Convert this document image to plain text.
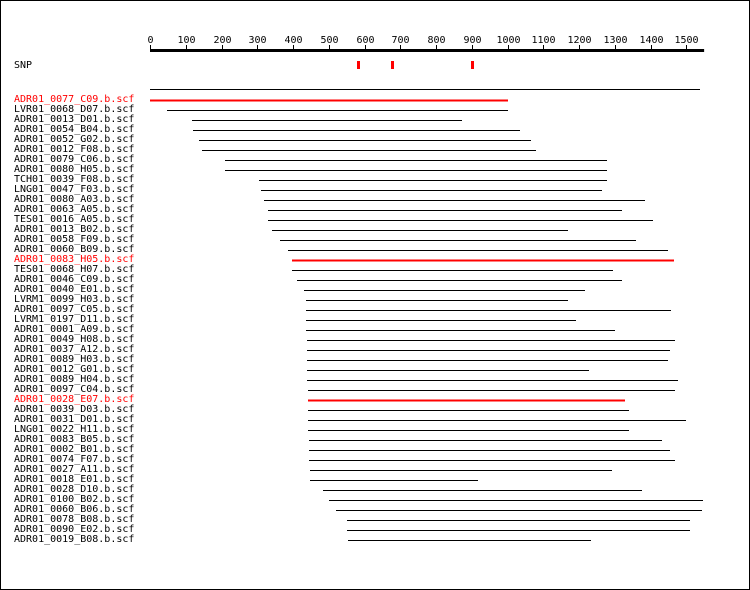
0 100 200 300 400 500 600 700 800 900 1000 1100 1200 1300 1400 1500
SNP
ADR01_0077_C09.b.scf
LVR01_0068_D07.b.scf
ADR01_0013_D01.b.scf
ADR01_0054_B04.b.scf
ADR01_0052_G02.b.scf
ADR01_0012_F08.b.scf
ADR01_0079_C06.b.scf
ADR01_0080_H05.b.scf
TCH01_0039_F08.b.scf
LNG01_0047_F03.b.scf
ADR01_0080_A03.b.scf
ADR01_0063_A05.b.scf
TES01_0016_A05.b.scf
ADR01_0013_B02.b.scf
ADR01_0058_F09.b.scf
ADR01_0060_B09.b.scf
ADR01_0083_H05.b.scf
TES01_0068_H07.b.scf
ADR01_0046_C09.b.scf
ADR01_0040_E01.b.scf
LVRM1_0099_H03.b.scf
ADR01_0097_C05.b.scf
LVRM1_0197_D11.b.scf
ADR01_0001_A09.b.scf
ADR01_0049_H08.b.scf
ADR01_0037_A12.b.scf
ADR01_0089_H03.b.scf
ADR01_0012_G01.b.scf
ADR01_0089_H04.b.scf
ADR01_0097_C04.b.scf
ADR01_0028_E07.b.scf
ADR01_0039_D03.b.scf
ADR01_0031_D01.b.scf
LNG01_0022_H11.b.scf
ADR01_0083_B05.b.scf
ADR01_0002_B01.b.scf
ADR01_0074_F07.b.scf
ADR01_0027_A11.b.scf
ADR01_0018_E01.b.scf
ADR01_0028_D10.b.scf
ADR01_0100_B02.b.scf
ADR01_0060_B06.b.scf
ADR01_0078_B08.b.scf
ADR01_0090_E02.b.scf
ADR01_0019_B08.b.scf
